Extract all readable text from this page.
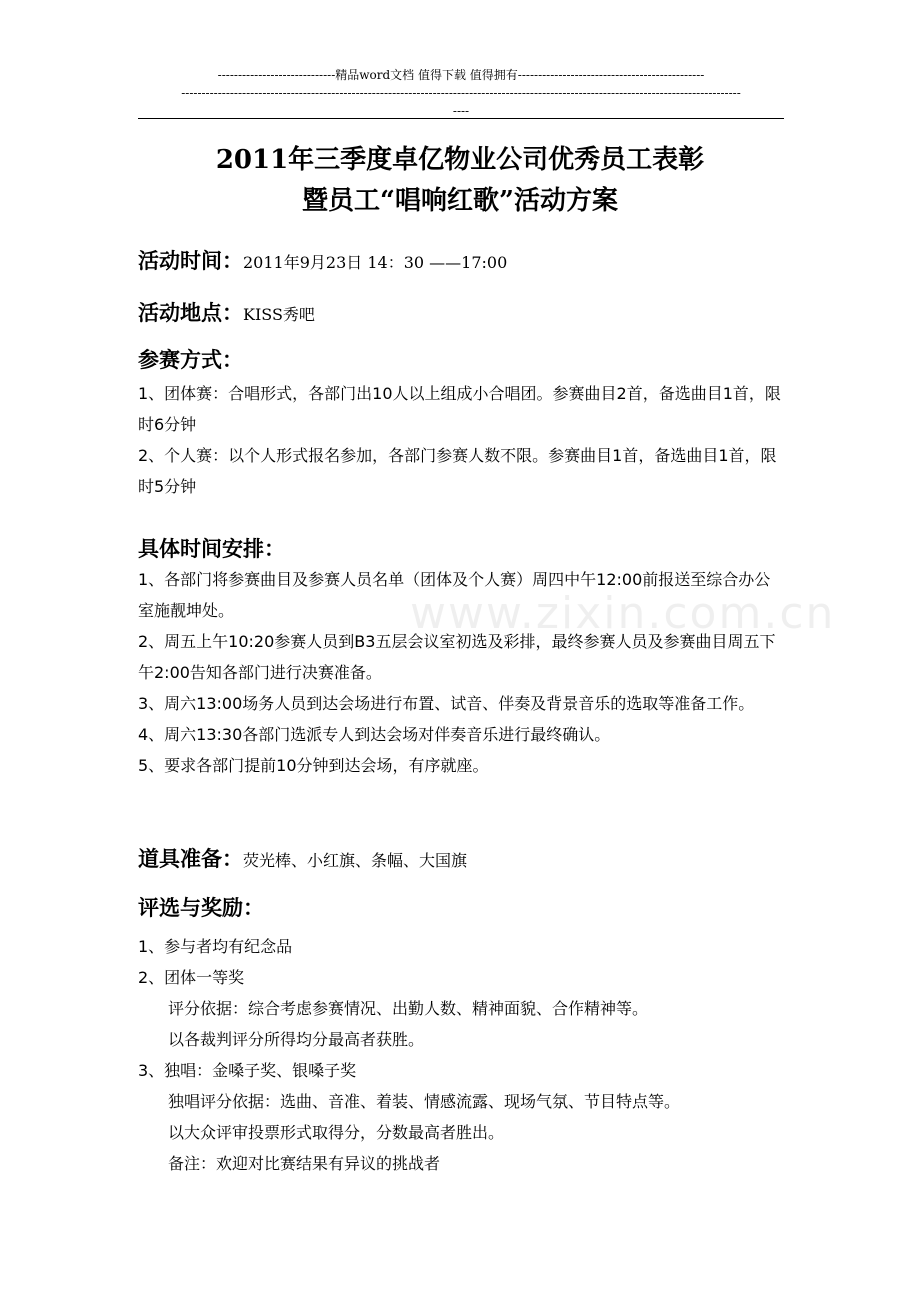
-----------------------------精品word文档 值得下载 值得拥有----------------------------------------------
------------------------------------------------------------------------------------------------------------------------------------------
----
2011年三季度卓亿物业公司优秀员工表彰
暨员工“唱响红歌”活动方案
活动时间：2011年9月23日 14：30 ——17:00
活动地点：KISS秀吧
参赛方式：

1、团体赛：合唱形式，各部门出10人以上组成小合唱团。参赛曲目2首，备选曲目1首，限时6分钟

2、个人赛：以个人形式报名参加，各部门参赛人数不限。参赛曲目1首，备选曲目1首，限时5分钟

具体时间安排：

1、各部门将参赛曲目及参赛人员名单（团体及个人赛）周四中午12:00前报送至综合办公室施靓坤处。

2、周五上午10:20参赛人员到B3五层会议室初选及彩排，最终参赛人员及参赛曲目周五下午2:00告知各部门进行决赛准备。

3、周六13:00场务人员到达会场进行布置、试音、伴奏及背景音乐的选取等准备工作。

4、周六13:30各部门选派专人到达会场对伴奏音乐进行最终确认。

5、要求各部门提前10分钟到达会场，有序就座。

道具准备：荧光棒、小红旗、条幅、大国旗
评选与奖励：

1、参与者均有纪念品

2、团体一等奖

评分依据：综合考虑参赛情况、出勤人数、精神面貌、合作精神等。

以各裁判评分所得均分最高者获胜。

3、独唱：金嗓子奖、银嗓子奖

独唱评分依据：选曲、音准、着装、情感流露、现场气氛、节目特点等。

以大众评审投票形式取得分，分数最高者胜出。

备注：欢迎对比赛结果有异议的挑战者

www.zixin.com.cn
